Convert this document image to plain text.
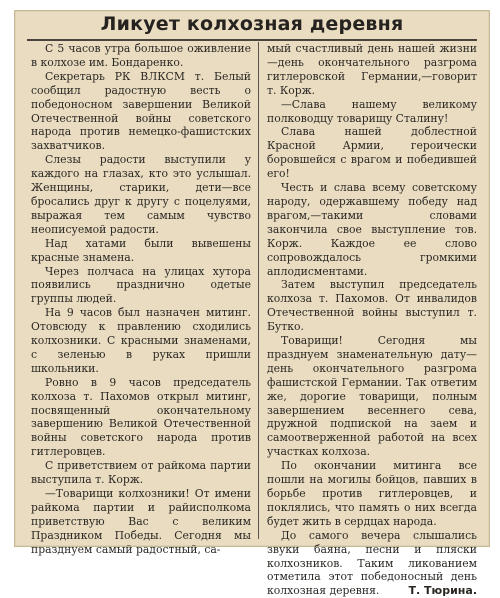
Ликует колхозная деревня

С 5 часов утра большое оживление в колхозе им. Бондаренко.

Секретарь РК ВЛКСМ т. Белый сообщил радостную весть о победоносном завершении Великой Отечественной войны советского народа против немецко-фашистских захватчиков.

Слезы радости выступили у каждого на глазах, кто это услышал. Женщины, старики, дети—все бросались друг к другу с поцелуями, выражая тем самым чувство неописуемой радости.

Над хатами были вывешены красные знамена.

Через полчаса на улицах хутора появились празднично одетые группы людей.

На 9 часов был назначен митинг. Отовсюду к правлению сходились колхозники. С красными знаменами, с зеленью в руках пришли школьники.

Ровно в 9 часов председатель колхоза т. Пахомов открыл митинг, посвященный окончательному завершению Великой Отечественной войны советского народа против гитлеровцев.

С приветствием от райкома партии выступила т. Корж.

—Товарищи колхозники! От имени райкома партии и райисполкома приветствую Вас с великим Праздником Победы. Сегодня мы празднуем самый радостный, са-

мый счастливый день нашей жизни—день окончательного разгрома гитлеровской Германии,—говорит т. Корж.

—Слава нашему великому полководцу товарищу Сталину!

Слава нашей доблестной Красной Армии, героически боровшейся с врагом и победившей его!

Честь и слава всему советскому народу, одержавшему победу над врагом,—такими словами закончила свое выступление тов. Корж. Каждое ее слово сопровождалось громкими аплодисментами.

Затем выступил председатель колхоза т. Пахомов. От инвалидов Отечественной войны выступил т. Бутко.

Товарищи! Сегодня мы празднуем знаменательную дату—день окончательного разгрома фашистской Германии. Так ответим же, дорогие товарищи, полным завершением весеннего сева, дружной подпиской на заем и самоотверженной работой на всех участках колхоза.

По окончании митинга все пошли на могилы бойцов, павших в борьбе против гитлеровцев, и поклялись, что память о них всегда будет жить в сердцах народа.

До самого вечера слышались звуки баяна, песни и пляски колхозников. Таким ликованием отметила этот победоносный день колхозная деревня.	Т. Тюрина.
